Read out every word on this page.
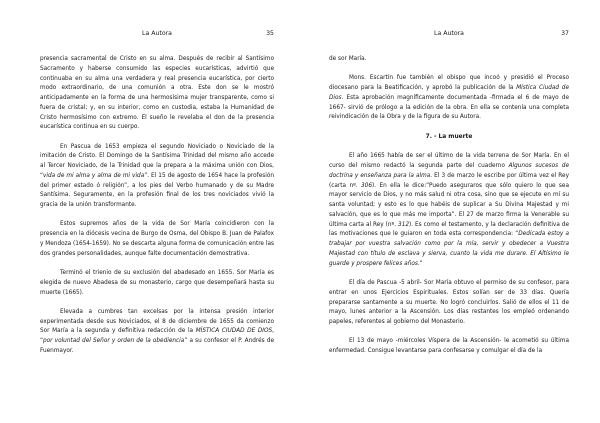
La Autora	35

presencia sacramental de Cristo en su alma. Después de recibir al Santísimo Sacramento y haberse consumido las especies eucarísticas, advirtió que continuaba en su alma una verdadera y real presencia eucarística, por cierto modo extraordinario, de una comunión a otra. Este don se le mostró anticipadamente en la forma de una hermosísima mujer transparente, como si fuera de cristal; y, en su interior, como en custodia, estaba la Humanidad de Cristo hermosísimo con extremo. El sueño le revelaba el don de la presencia eucarística continua en su cuerpo.

En Pascua de 1653 empieza el segundo Noviciado o Noviciado de la imitación de Cristo. El Domingo de la Santísima Trinidad del mismo año accede al Tercer Noviciado, de la Trinidad que la prepara a la máxima unión con Dios, “vida de mi alma y alma de mi vida”. El 15 de agosto de 1654 hace la profesión del primer estado ó religión”, a los pies del Verbo humanado y de su Madre Santísima. Seguramente, en la profesión final de los tres noviciados vivió la gracia de la unión transformante.

Estos supremos años de la vida de Sor María coincidieron con la presencia en la diócesis vecina de Burgo de Osma, del Obispo B. Juan de Palafox y Mendoza (1654-1659). No se descarta alguna forma de comunicación entre las dos grandes personalidades, aunque falte documentación demostrativa.

Terminó el trienio de su exclusión del abadesado en 1655. Sor María es elegida de nuevo Abadesa de su monasterio, cargo que desempeñará hasta su muerte (1665).

Elevada a cumbres tan excelsas por la intensa presión interior experimentada desde sus Noviciados, el 8 de diciembre de 1655 da comienzo Sor María a la segunda y definitiva redacción de la MÍSTICA CIUDAD DE DIOS, “por voluntad del Señor y orden de la obediencia” a su confesor el P. Andrés de Fuenmayor.

La Autora	37

de sor María.

Mons. Escartín fue también el obispo que incoó y presidió el Proceso diocesano para la Beatificación, y aprobó la publicación de la Mística Ciudad de Dios. Esta aprobación magníficamente documentada -firmada el 6 de mayo de 1667- sirvió de prólogo a la edición de la obra. En ella se contenía una completa reivindicación de la Obra y de la figura de su Autora.

7. - La muerte

El año 1665 había de ser el último de la vida terrena de Sor María. En el curso del mismo redactó la segunda parte del cuaderno Algunos sucesos de doctrina y enseñanza para la alma. El 3 de marzo le escribe por última vez el Rey (carta nº. 306). En ella le dice:“Puedo aseguraros que sólo quiero lo que sea mayor servicio de Dios, y no más salud ni otra cosa, sino que se ejecute en mí su santa voluntad; y esto es lo que habéis de suplicar a Su Divina Majestad y mi salvación, que es lo que más me importa”. El 27 de marzo firma la Venerable su última carta al Rey (nº. 312). Es como el testamento, y la declaración definitiva de las motivaciones que le guiaron en toda esta correspondencia: “Dedicada estoy a trabajar por vuestra salvación como por la mía, servir y obedecer a Vuestra Majestad con título de esclava y sierva, cuanto la vida me durare. El Altísimo le guarde y prospere felices años.”

El día de Pascua -5 abril- Sor María obtuvo el permiso de su confesor, para entrar en unos Ejercicios Espirituales. Estos solían ser de 33 días. Quería prepararse santamente a su muerte. No logró concluirlos. Salió de ellos el 11 de mayo, lunes anterior a la Ascensión. Los días restantes los empleó ordenando papeles, referentes al gobierno del Monasterio.

El 13 de mayo -miércoles Víspera de la Ascensión- le acometió su última enfermedad. Consigue levantarse para confesarse y comulgar el día de la
